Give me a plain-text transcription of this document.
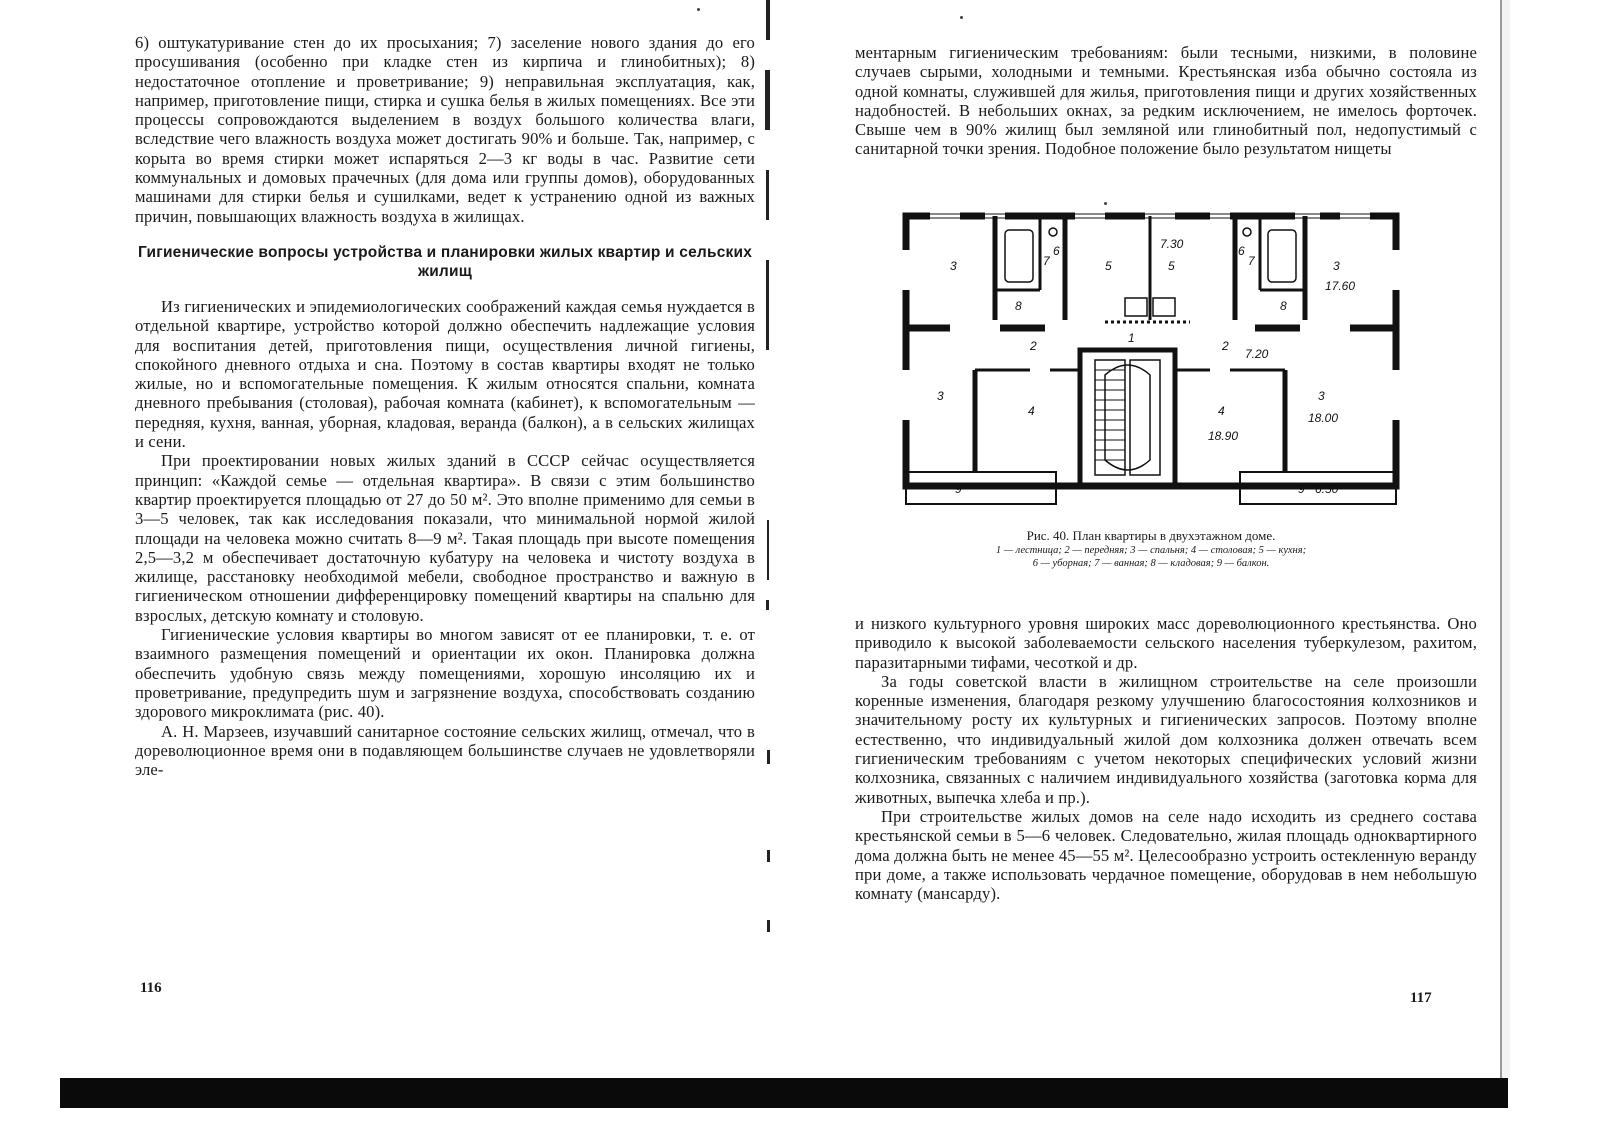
6) оштукатуривание стен до их просыхания; 7) заселение нового здания до его просушивания (особенно при кладке стен из кирпича и глинобитных); 8) недостаточное отопление и проветривание; 9) неправильная эксплуатация, как, например, приготовление пищи, стирка и сушка белья в жилых помещениях. Все эти процессы сопровождаются выделением в воздух большого количества влаги, вследствие чего влажность воздуха может достигать 90% и больше. Так, например, с корыта во время стирки может испаряться 2—3 кг воды в час. Развитие сети коммунальных и домовых прачечных (для дома или группы домов), оборудованных машинами для стирки белья и сушилками, ведет к устранению одной из важных причин, повышающих влажность воздуха в жилищах.

Гигиенические вопросы устройства и планировки жилых квартир и сельских жилищ

Из гигиенических и эпидемиологических соображений каждая семья нуждается в отдельной квартире, устройство которой должно обеспечить надлежащие условия для воспитания детей, приготовления пищи, осуществления личной гигиены, спокойного дневного отдыха и сна. Поэтому в состав квартиры входят не только жилые, но и вспомогательные помещения. К жилым относятся спальни, комната дневного пребывания (столовая), рабочая комната (кабинет), к вспомогательным — передняя, кухня, ванная, уборная, кладовая, веранда (балкон), а в сельских жилищах и сени.

При проектировании новых жилых зданий в СССР сейчас осуществляется принцип: «Каждой семье — отдельная квартира». В связи с этим большинство квартир проектируется площадью от 27 до 50 м². Это вполне применимо для семьи в 3—5 человек, так как исследования показали, что минимальной нормой жилой площади на человека можно считать 8—9 м². Такая площадь при высоте помещения 2,5—3,2 м обеспечивает достаточную кубатуру на человека и чистоту воздуха в жилище, расстановку необходимой мебели, свободное пространство и важную в гигиеническом отношении дифференцировку помещений квартиры на спальню для взрослых, детскую комнату и столовую.

Гигиенические условия квартиры во многом зависят от ее планировки, т. е. от взаимного размещения помещений и ориентации их окон. Планировка должна обеспечить удобную связь между помещениями, хорошую инсоляцию их и проветривание, предупредить шум и загрязнение воздуха, способствовать созданию здорового микроклимата (рис. 40).

А. Н. Марзеев, изучавший санитарное состояние сельских жилищ, отмечал, что в дореволюционное время они в подавляющем большинстве случаев не удовлетворяли эле-

116

ментарным гигиеническим требованиям: были тесными, низкими, в половине случаев сырыми, холодными и темными. Крестьянская изба обычно состояла из одной комнаты, служившей для жилья, приготовления пищи и других хозяйственных надобностей. В небольших окнах, за редким исключением, не имелось форточек. Свыше чем в 90% жилищ был земляной или глинобитный пол, недопустимый с санитарной точки зрения. Подобное положение было результатом нищеты

3	7
6
5
7.30
5
6
7	3
17.60
8	8
1
2	2
7.20
3
4	4
18.90
3
18.00
9	9 6.50
Рис. 40. План квартиры в двухэтажном доме.
1 — лестница; 2 — передняя; 3 — спальня; 4 — столовая; 5 — кухня;
6 — уборная; 7 — ванная; 8 — кладовая; 9 — балкон.

и низкого культурного уровня широких масс дореволюционного крестьянства. Оно приводило к высокой заболеваемости сельского населения туберкулезом, рахитом, паразитарными тифами, чесоткой и др.

За годы советской власти в жилищном строительстве на селе произошли коренные изменения, благодаря резкому улучшению благосостояния колхозников и значительному росту их культурных и гигиенических запросов. Поэтому вполне естественно, что индивидуальный жилой дом колхозника должен отвечать всем гигиеническим требованиям с учетом некоторых специфических условий жизни колхозника, связанных с наличием индивидуального хозяйства (заготовка корма для животных, выпечка хлеба и пр.).

При строительстве жилых домов на селе надо исходить из среднего состава крестьянской семьи в 5—6 человек. Следовательно, жилая площадь одноквартирного дома должна быть не менее 45—55 м². Целесообразно устроить остекленную веранду при доме, а также использовать чердачное помещение, оборудовав в нем небольшую комнату (мансарду).

117
